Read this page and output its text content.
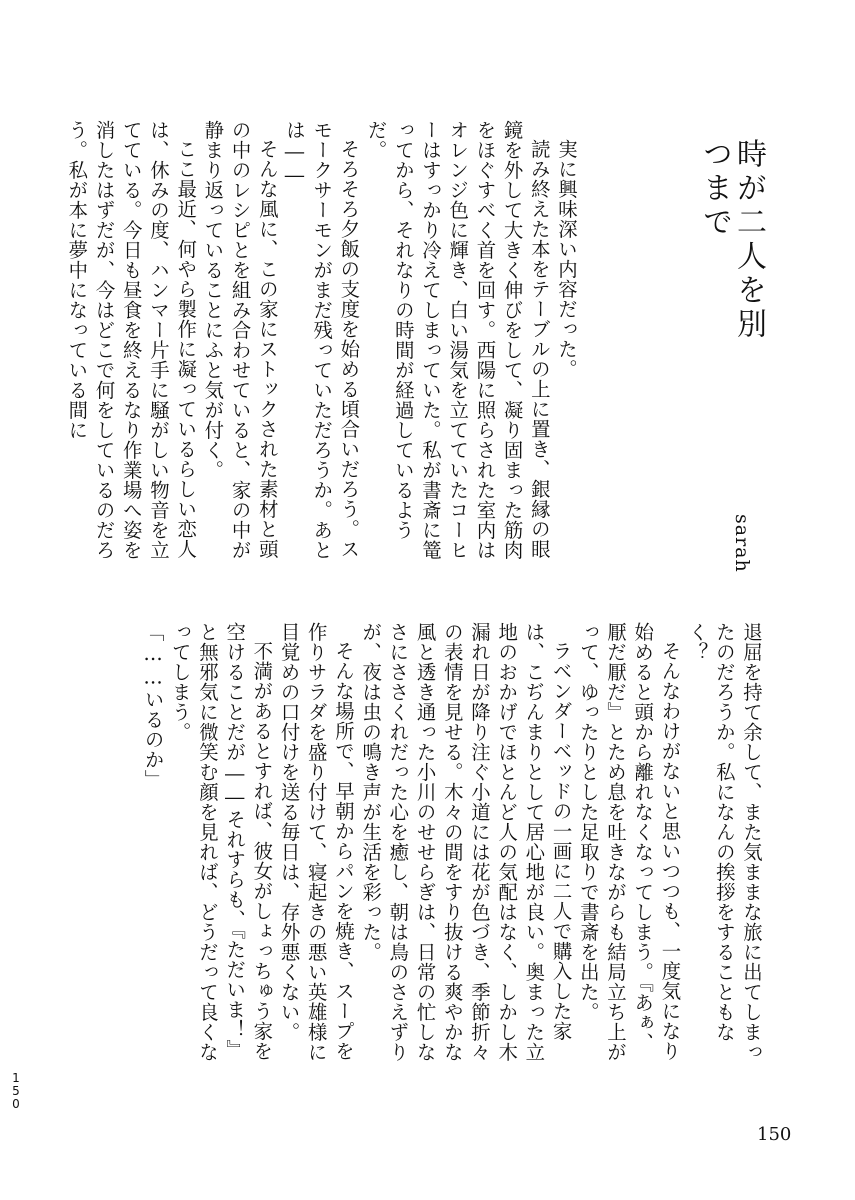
時が二人を別つまで
sarah

実に興味深い内容だった。

読み終えた本をテーブルの上に置き、銀縁の眼鏡を外して大きく伸びをして、凝り固まった筋肉をほぐすべく首を回す。西陽に照らされた室内はオレンジ色に輝き、白い湯気を立てていたコーヒーはすっかり冷えてしまっていた。私が書斎に篭ってから、それなりの時間が経過しているようだ。

そろそろ夕飯の支度を始める頃合いだろう。スモークサーモンがまだ残っていただろうか。あとは――

そんな風に、この家にストックされた素材と頭の中のレシピとを組み合わせていると、家の中が静まり返っていることにふと気が付く。

ここ最近、何やら製作に凝っているらしい恋人は、休みの度、ハンマー片手に騒がしい物音を立てている。今日も昼食を終えるなり作業場へ姿を消したはずだが、今はどこで何をしているのだろう。私が本に夢中になっている間に

退屈を持て余して、また気ままな旅に出てしまったのだろうか。私になんの挨拶をすることもなく？

そんなわけがないと思いつつも、一度気になり始めると頭から離れなくなってしまう。『あぁ、厭だ厭だ』とため息を吐きながらも結局立ち上がって、ゆったりとした足取りで書斎を出た。

ラベンダーベッドの一画に二人で購入した家は、こぢんまりとして居心地が良い。奥まった立地のおかげでほとんど人の気配はなく、しかし木漏れ日が降り注ぐ小道には花が色づき、季節折々の表情を見せる。木々の間をすり抜ける爽やかな風と透き通った小川のせせらぎは、日常の忙しなさにささくれだった心を癒し、朝は鳥のさえずりが、夜は虫の鳴き声が生活を彩った。

そんな場所で、早朝からパンを焼き、スープを作りサラダを盛り付けて、寝起きの悪い英雄様に目覚めの口付けを送る毎日は、存外悪くない。

不満があるとすれば、彼女がしょっちゅう家を空けることだが――それすらも、『ただいま！』と無邪気に微笑む顔を見れば、どうだって良くなってしまう。

「……いるのか」

1
5
0
150
